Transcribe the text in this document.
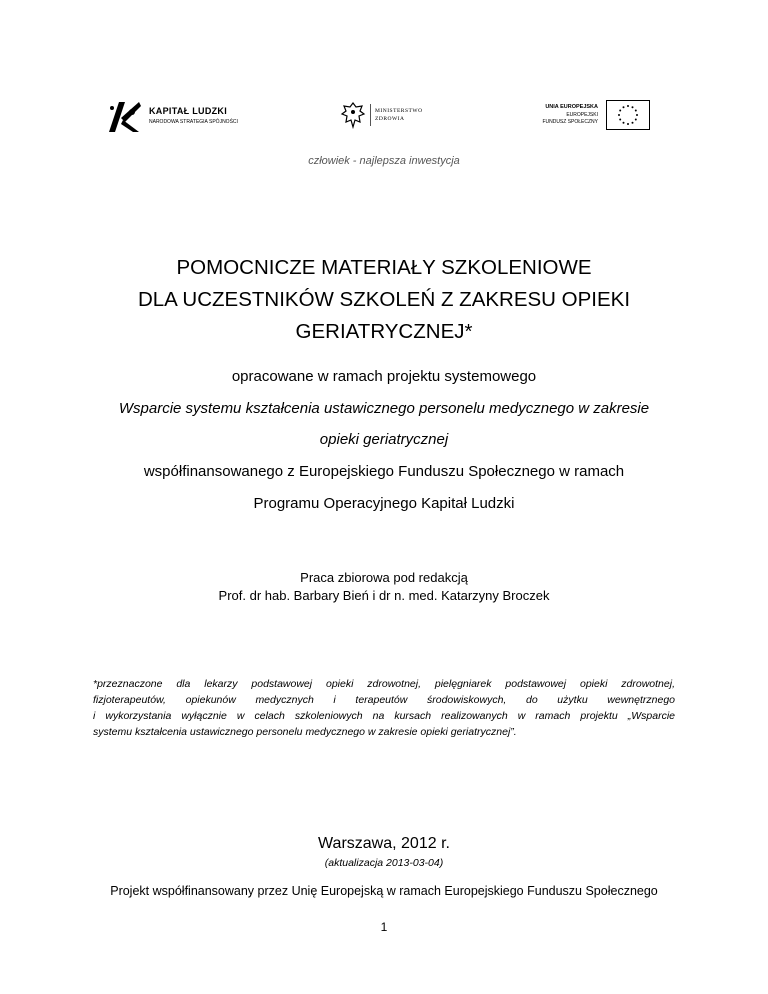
KAPITAŁ LUDZKI
NARODOWA STRATEGIA SPÓJNOŚCI
MINISTERSTWO
ZDROWIA
UNIA EUROPEJSKA
EUROPEJSKI
FUNDUSZ SPOŁECZNY
człowiek - najlepsza inwestycja
POMOCNICZE MATERIAŁY SZKOLENIOWE
DLA UCZESTNIKÓW SZKOLEŃ Z ZAKRESU OPIEKI
GERIATRYCZNEJ*
opracowane w ramach projektu systemowego
Wsparcie systemu kształcenia ustawicznego personelu medycznego w zakresie
opieki geriatrycznej
współfinansowanego z Europejskiego Funduszu Społecznego w ramach
Programu Operacyjnego Kapitał Ludzki
Praca zbiorowa pod redakcją
Prof. dr hab. Barbary Bień i dr n. med. Katarzyny Broczek
*przeznaczone dla lekarzy podstawowej opieki zdrowotnej, pielęgniarek podstawowej opieki zdrowotnej,
fizjoterapeutów, opiekunów medycznych i terapeutów środowiskowych, do użytku wewnętrznego
i wykorzystania wyłącznie w celach szkoleniowych na kursach realizowanych w ramach projektu „Wsparcie
systemu kształcenia ustawicznego personelu medycznego w zakresie opieki geriatrycznej”.
Warszawa, 2012 r.
(aktualizacja 2013-03-04)
Projekt współfinansowany przez Unię Europejską w ramach Europejskiego Funduszu Społecznego
1
